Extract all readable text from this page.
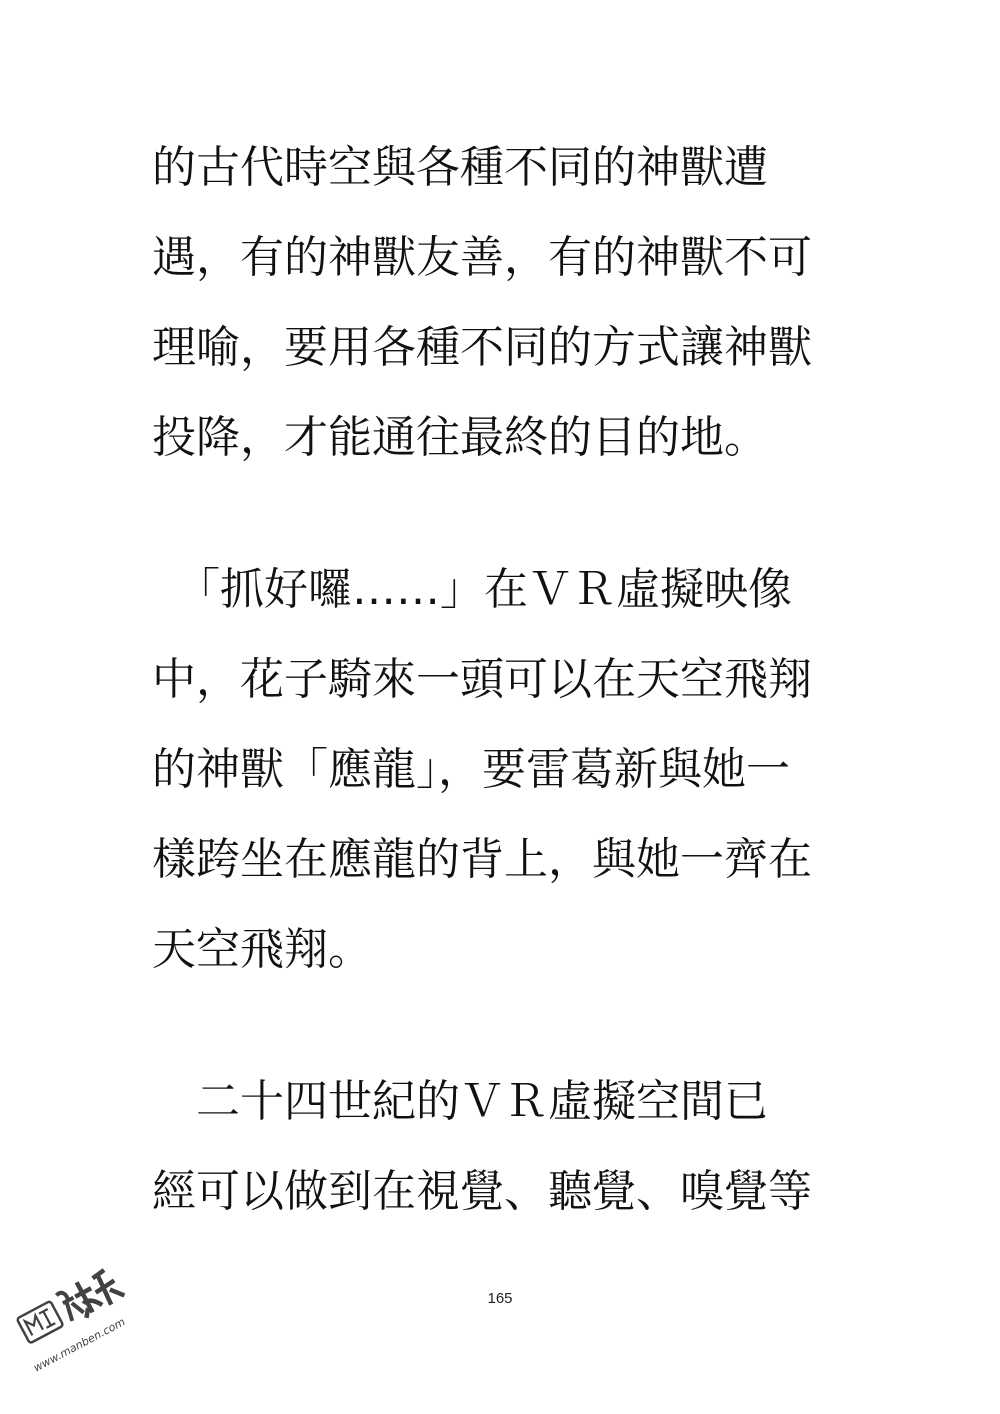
的古代時空與各種不同的神獸遭
遇，有的神獸友善，有的神獸不可
理喻，要用各種不同的方式讓神獸
投降，才能通往最終的目的地。
「抓好囉……」在ＶＲ虛擬映像
中，花子騎來一頭可以在天空飛翔
的神獸「應龍」，要雷葛新與她一
樣跨坐在應龍的背上，與她一齊在
天空飛翔。
二十四世紀的ＶＲ虛擬空間已
經可以做到在視覺、聽覺、嗅覺等
165
www.manben.com
